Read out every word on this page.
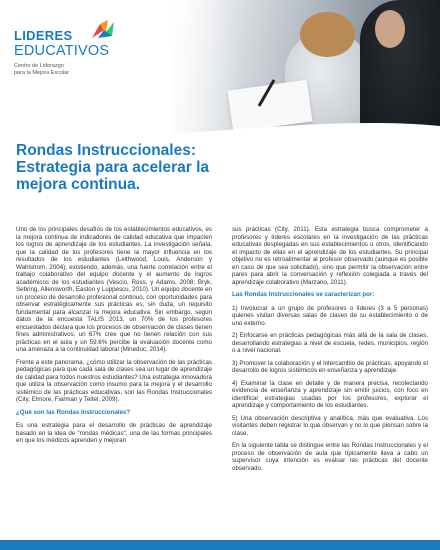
LIDERES
EDUCATIVOS
Centro de Liderazgo
para la Mejora Escolar
Rondas Instruccionales:
Estrategia para acelerar la
mejora continua.

Uno de los principales desafíos de los establecimientos educativos, es la mejora continua de indicadores de calidad educativa que impacten los logros de aprendizaje de los estudiantes. La investigación señala, que la calidad de los profesores tiene la mayor influencia en los resultados de los estudiantes (Leithwood, Louis, Anderson y Wahlstrom, 2004); existiendo, además, una fuerte correlación entre el trabajo colaborativo del equipo docente y el aumento de logros académicos de los estudiantes (Vescio, Ross, y Adams, 2008; Bryk, Sebring, Allensworth, Easton y Luppescu, 2010). Un equipo docente en un proceso de desarrollo profesional continuo, con oportunidades para observar estratégicamente sus prácticas es, sin duda, un requisito fundamental para alcanzar la mejora educativa. Sin embargo, según datos de la encuesta TALIS 2013, un 70% de los profesores encuestados declara que los procesos de observación de clases tienen fines administrativos, un 67% cree que no tienen relación con sus prácticas en el aula y un 59.6% percibe la evaluación docente como una amenaza a la continuidad laboral (Mineduc, 2014).

Frente a este panorama, ¿cómo utilizar la observación de las prácticas pedagógicas para que cada sala de clases sea un lugar de aprendizaje de calidad para todos nuestros estudiantes? Una estrategia innovadora que utiliza la observación como insumo para la mejora y el desarrollo sistémico de las prácticas educativas, son las Rondas Instruccionales (City, Elmore, Fiarman y Teitel, 2009).

¿Qué son las Rondas Instruccionales?

Es una estrategia para el desarrollo de prácticas de aprendizaje basado en la idea de "rondas médicas", una de las formas principales en que los médicos aprenden y mejoran

sus prácticas (City, 2011). Esta estrategia busca comprometer a profesores y líderes escolares en la investigación de las prácticas educativas desplegadas en sus establecimientos u otros, identificando el impacto de ellas en el aprendizaje de los estudiantes. Su principal objetivo no es retroalimentar al profesor observado (aunque es posible en caso de que sea solicitado), sino que permitir la observación entre pares para abrir la conversación y reflexión colegiada a través del aprendizaje colaborativo (Marzano, 2011).

Las Rondas Instruccionales se caracterizan por:

1) Involucrar a un grupo de profesores o líderes (3 a 5 personas) quienes visitan diversas salas de clases de su establecimiento o de uno externo.

2) Enfocarse en prácticas pedagógicas más allá de la sala de clases, desarrollando estrategias a nivel de escuela, redes, municipios, región o a nivel nacional.

3) Promover la colaboración y el intercambio de prácticas, apoyando el desarrollo de logros sistémicos en enseñanza y aprendizaje.

4) Examinar la clase en detalle y de manera precisa, recolectando evidencia de enseñanza y aprendizaje sin emitir juicios, con foco en identificar estrategias usadas por los profesores, explorar el aprendizaje y comportamiento de los estudiantes.

5) Una observación descriptiva y analítica, más que evaluativa. Los visitantes deben registrar lo que observan y no lo que piensan sobre la clase.

En la siguiente tabla se distingue entre las Rondas Instruccionales y el proceso de observación de aula que típicamente lleva a cabo un supervisor cuya intención es evaluar las prácticas del docente observado.
